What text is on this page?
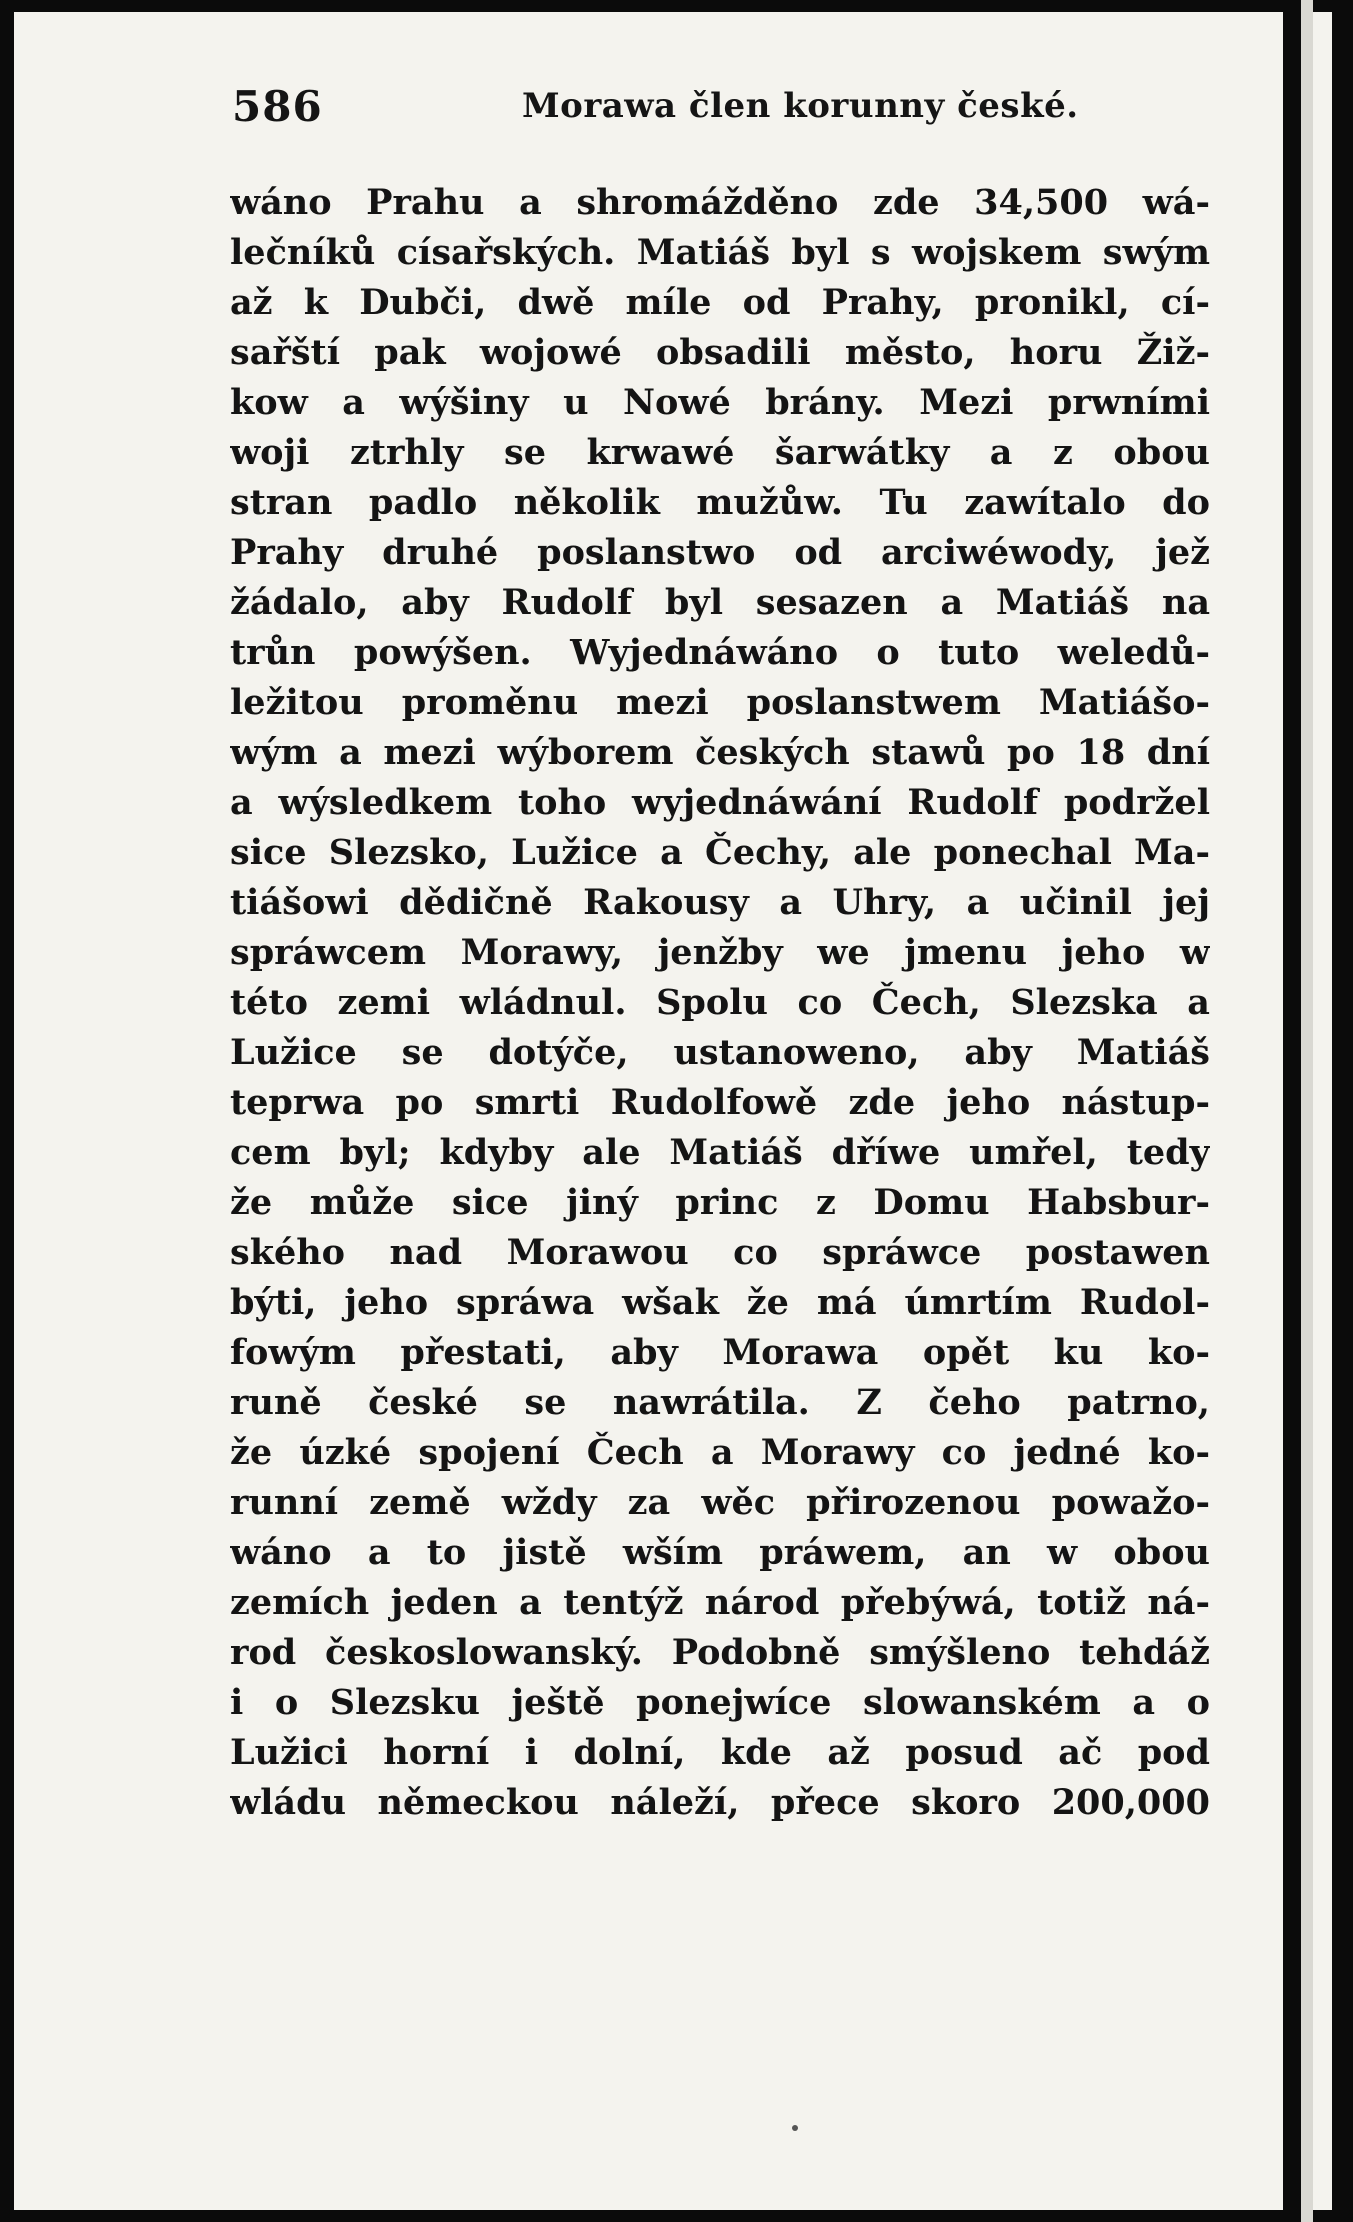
586	Morawa člen korunny české.
wáno Prahu a shromážděno zde 34,500 wá-
lečníků císařských. Matiáš byl s wojskem swým
až k Dubči, dwě míle od Prahy, pronikl, cí-
sařští pak wojowé obsadili město, horu Žiž-
kow a wýšiny u Nowé brány. Mezi prwními
woji ztrhly se krwawé šarwátky a z obou
stran padlo několik mužůw. Tu zawítalo do
Prahy druhé poslanstwo od arciwéwody, jež
žádalo, aby Rudolf byl sesazen a Matiáš na
trůn powýšen. Wyjednáwáno o tuto weledů-
ležitou proměnu mezi poslanstwem Matiášo-
wým a mezi wýborem českých stawů po 18 dní
a wýsledkem toho wyjednáwání Rudolf podržel
sice Slezsko, Lužice a Čechy, ale ponechal Ma-
tiášowi dědičně Rakousy a Uhry, a učinil jej
spráwcem Morawy, jenžby we jmenu jeho w
této zemi wládnul. Spolu co Čech, Slezska a
Lužice se dotýče, ustanoweno, aby Matiáš
teprwa po smrti Rudolfowě zde jeho nástup-
cem byl; kdyby ale Matiáš dříwe umřel, tedy
že může sice jiný princ z Domu Habsbur-
ského nad Morawou co spráwce postawen
býti, jeho spráwa wšak že má úmrtím Rudol-
fowým přestati, aby Morawa opět ku ko-
runě české se nawrátila. Z čeho patrno,
že úzké spojení Čech a Morawy co jedné ko-
runní země wždy za wěc přirozenou powažo-
wáno a to jistě wším práwem, an w obou
zemích jeden a tentýž národ přebýwá, totiž ná-
rod českoslowanský. Podobně smýšleno tehdáž
i o Slezsku ještě ponejwíce slowanském a o
Lužici horní i dolní, kde až posud ač pod
wládu německou náleží, přece skoro 200,000
